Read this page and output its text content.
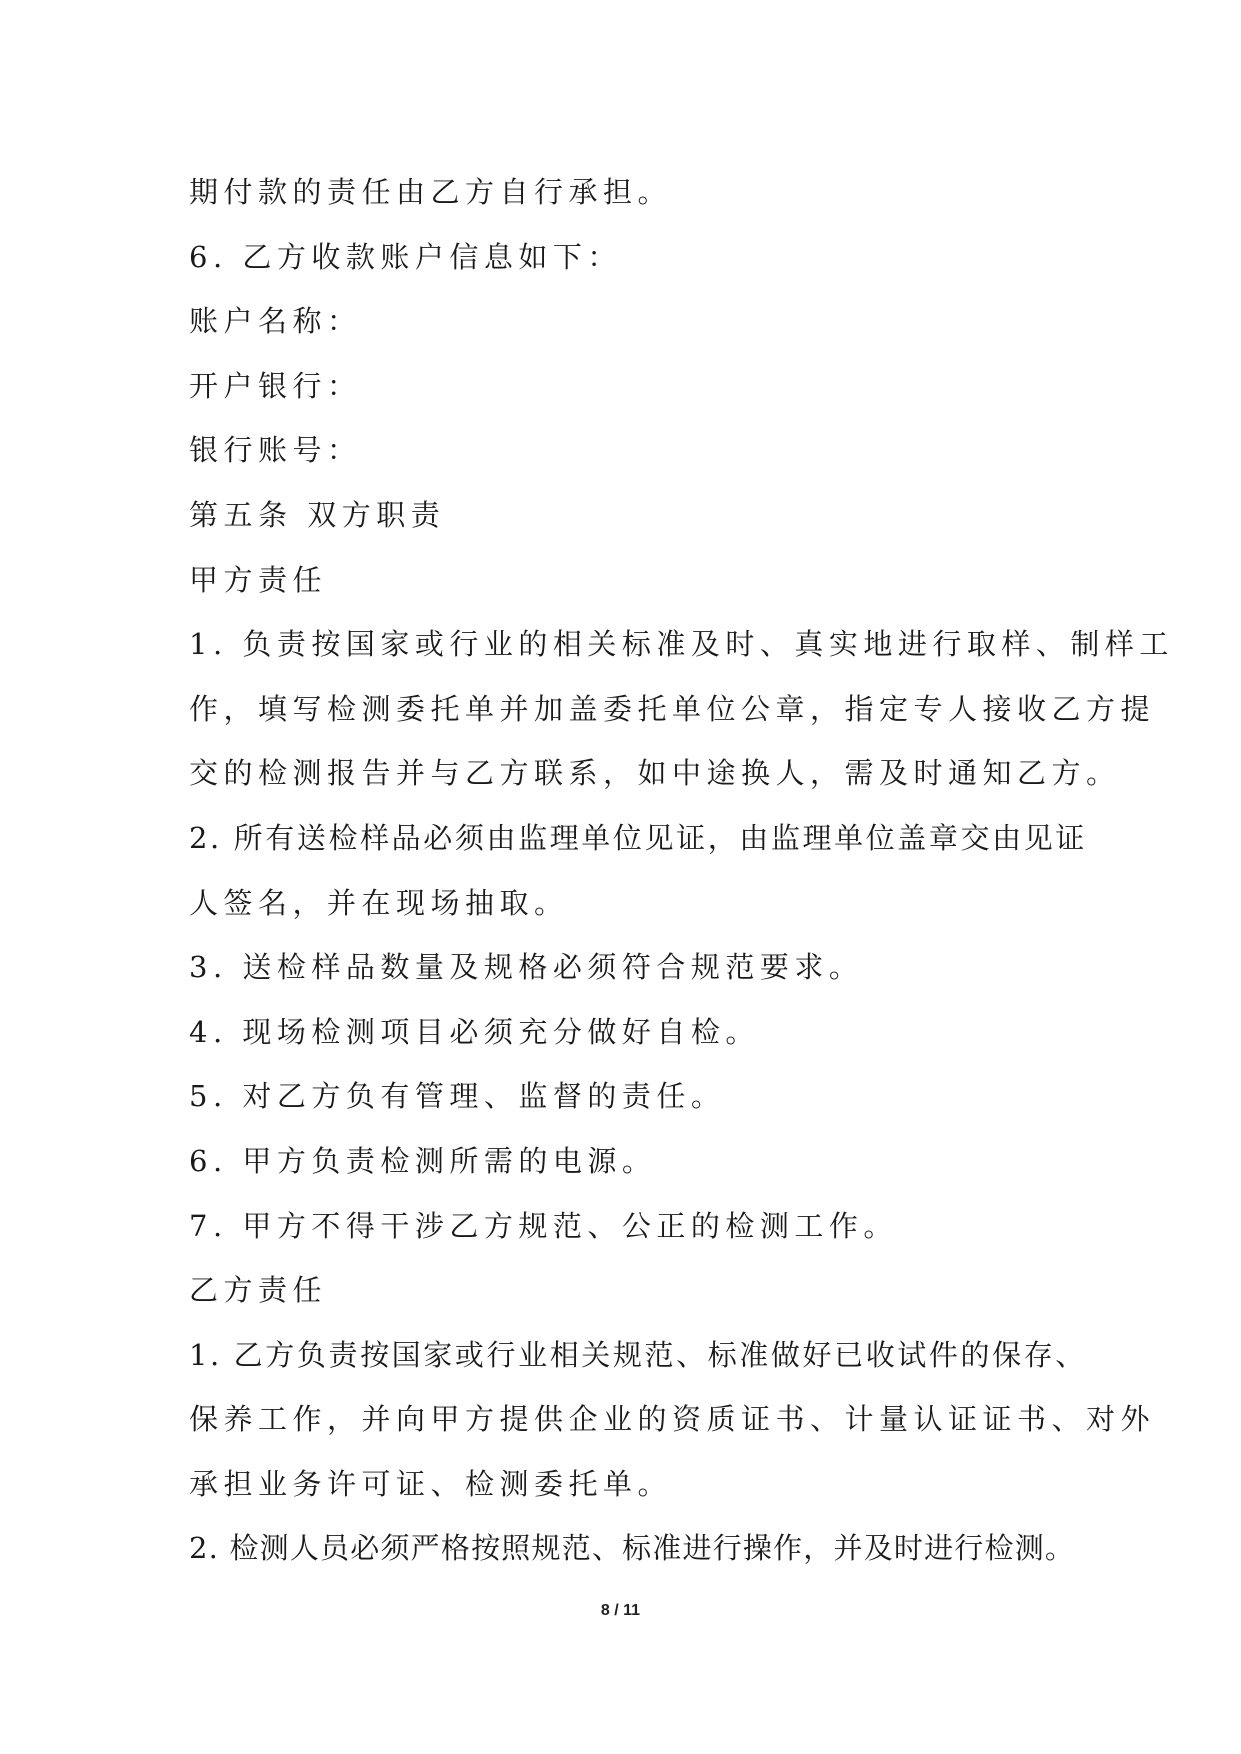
期付款的责任由乙方自行承担。
6. 乙方收款账户信息如下：
账户名称：
开户银行：
银行账号：
第五条 双方职责
甲方责任
1. 负责按国家或行业的相关标准及时、真实地进行取样、制样工
作，填写检测委托单并加盖委托单位公章，指定专人接收乙方提
交的检测报告并与乙方联系，如中途换人，需及时通知乙方。
2. 所有送检样品必须由监理单位见证，由监理单位盖章交由见证
人签名，并在现场抽取。
3. 送检样品数量及规格必须符合规范要求。
4. 现场检测项目必须充分做好自检。
5. 对乙方负有管理、监督的责任。
6. 甲方负责检测所需的电源。
7. 甲方不得干涉乙方规范、公正的检测工作。
乙方责任
1. 乙方负责按国家或行业相关规范、标准做好已收试件的保存、
保养工作，并向甲方提供企业的资质证书、计量认证证书、对外
承担业务许可证、检测委托单。
2. 检测人员必须严格按照规范、标准进行操作，并及时进行检测。
8 / 11
